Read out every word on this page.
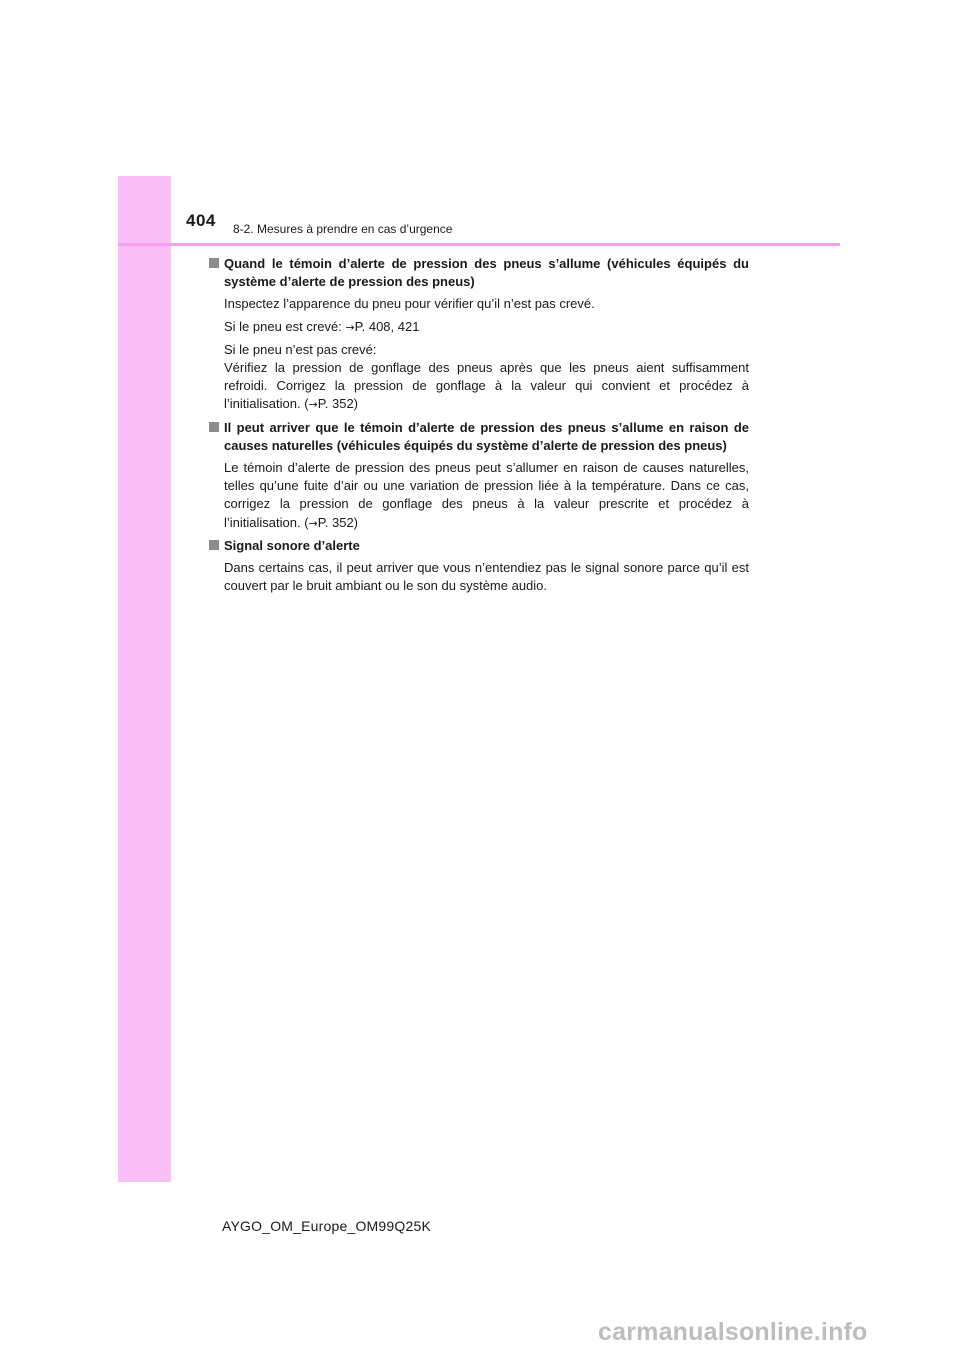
404 8-2. Mesures à prendre en cas d’urgence
Quand le témoin d’alerte de pression des pneus s’allume (véhicules équipés du système d’alerte de pression des pneus)
Inspectez l’apparence du pneu pour vérifier qu’il n’est pas crevé.
Si le pneu est crevé: →P. 408, 421
Si le pneu n’est pas crevé:
Vérifiez la pression de gonflage des pneus après que les pneus aient suffisamment refroidi. Corrigez la pression de gonflage à la valeur qui convient et procédez à l’initialisation. (→P. 352)
Il peut arriver que le témoin d’alerte de pression des pneus s’allume en raison de causes naturelles (véhicules équipés du système d’alerte de pression des pneus)
Le témoin d’alerte de pression des pneus peut s’allumer en raison de causes naturelles, telles qu’une fuite d’air ou une variation de pression liée à la température. Dans ce cas, corrigez la pression de gonflage des pneus à la valeur prescrite et procédez à l’initialisation. (→P. 352)
Signal sonore d’alerte
Dans certains cas, il peut arriver que vous n’entendiez pas le signal sonore parce qu’il est couvert par le bruit ambiant ou le son du système audio.
AYGO_OM_Europe_OM99Q25K
carmanualsonline.info
